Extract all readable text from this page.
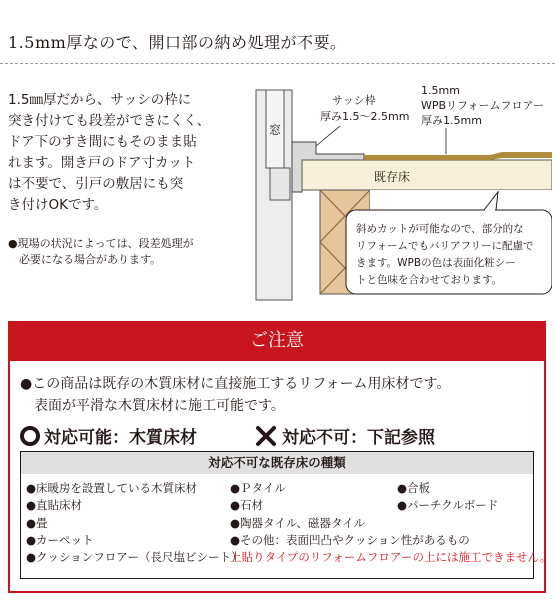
1.5mm厚なので、開口部の納め処理が不要。
1.5㎜厚だから、サッシの枠に
突き付けても段差ができにくく、
ドア下のすき間にもそのまま貼
れます。開き戸のドア寸カット
は不要で、引戸の敷居にも突
き付けOKです。
●現場の状況によっては、段差処理が
　必要になる場合があります。
窓
既存床
サッシ枠 厚み1.5～2.5mm
1.5mm WPBリフォームフロアー 厚み1.5mm
斜めカットが可能なので、部分的な リフォームでもバリアフリーに配慮で きます。WPBの色は表面化粧シー トと色味を合わせております。
ご注意
●この商品は既存の木質床材に直接施工するリフォーム用床材です。
　表面が平滑な木質床材に施工可能です。
対応可能：木質床材	対応不可：下記参照
対応不可な既存床の種類
●床暖房を設置している木質床材
●直貼床材
●畳
●カーペット
●クッションフロアー（長尺塩ビシート）
●Ｐタイル
●石材
●陶器タイル、磁器タイル
●その他：表面凹凸やクッション性があるもの
上貼りタイプのリフォームフロアーの上には施工できません。
●合板
●パーチクルボード
